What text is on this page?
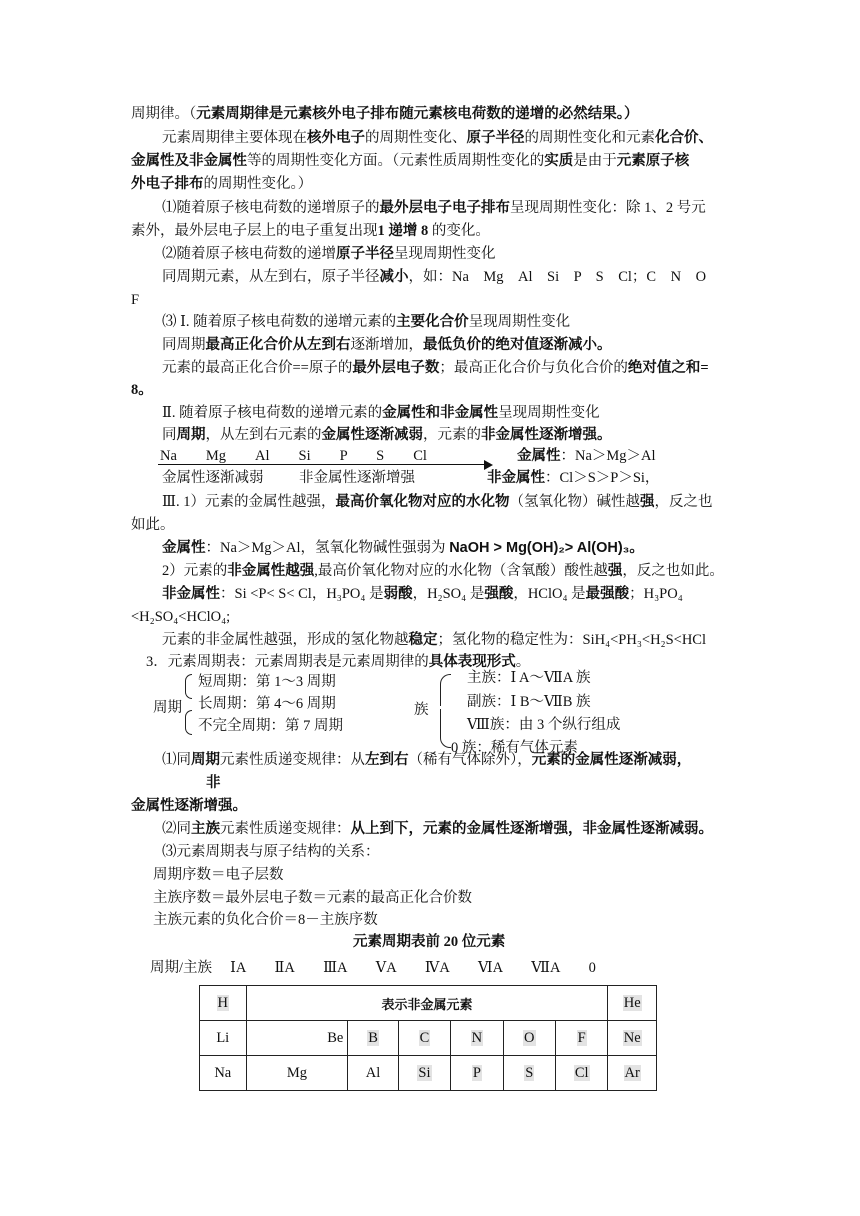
周期律。（元素周期律是元素核外电子排布随元素核电荷数的递增的必然结果。）
元素周期律主要体现在核外电子的周期性变化、原子半径的周期性变化和元素化合价、
金属性及非金属性等的周期性变化方面。（元素性质周期性变化的实质是由于元素原子核
外电子排布的周期性变化。）
⑴随着原子核电荷数的递增原子的最外层电子电子排布呈现周期性变化：除 1、2 号元
素外，最外层电子层上的电子重复出现1 递增 8 的变化。
⑵随着原子核电荷数的递增原子半径呈现周期性变化
同周期元素，从左到右，原子半径减小，如：Na　Mg　Al　Si　P　S　Cl；C　N　O
F
⑶ Ⅰ. 随着原子核电荷数的递增元素的主要化合价呈现周期性变化
同周期最高正化合价从左到右逐渐增加，最低负价的绝对值逐渐减小。
元素的最高正化合价==原子的最外层电子数；最高正化合价与负化合价的绝对值之和=
8。
Ⅱ. 随着原子核电荷数的递增元素的金属性和非金属性呈现周期性变化
同周期，从左到右元素的金属性逐渐减弱，元素的非金属性逐渐增强。
Na　　Mg　　Al　　Si　　P　　S　　Cl	金属性：Na＞Mg＞Al
金属性逐渐减弱 非金属性逐渐增强	非金属性：Cl＞S＞P＞Si，
Ⅲ. 1）元素的金属性越强，最高价氧化物对应的水化物（氢氧化物）碱性越强，反之也
如此。
金属性：Na＞Mg＞Al，氢氧化物碱性强弱为 NaOH > Mg(OH)₂> Al(OH)₃。
2）元素的非金属性越强,最高价氧化物对应的水化物（含氧酸）酸性越强，反之也如此。
非金属性：Si <P< S< Cl，H₃PO₄ 是弱酸，H₂SO₄ 是强酸，HClO₄ 是最强酸；H₃PO₄
<H₂SO₄<HClO₄;
元素的非金属性越强，形成的氢化物越稳定；氢化物的稳定性为：SiH₄<PH₃<H₂S<HCl
3．元素周期表：元素周期表是元素周期律的具体表现形式。
周期
短周期：第 1～3 周期
长周期：第 4～6 周期
不完全周期：第 7 周期
族
主族：Ⅰ A～ⅦA 族
副族：Ⅰ B～ⅦB 族
Ⅷ族：由 3 个纵行组成
0 族：稀有气体元素
⑴同周期元素性质递变规律：从左到右（稀有气体除外），元素的金属性逐渐减弱，
非
金属性逐渐增强。
⑵同主族元素性质递变规律：从上到下，元素的金属性逐渐增强，非金属性逐渐减弱。
⑶元素周期表与原子结构的关系：
周期序数＝电子层数
主族序数＝最外层电子数＝元素的最高正化合价数
主族元素的负化合价＝8－主族序数
元素周期表前 20 位元素
周期/主族　 ⅠA　　ⅡA　　ⅢA　　ⅤA　　ⅣA　　ⅥA　　ⅦA　　0
H	表示非金属元素						He
Li	Be	B	C	N	O	F	Ne
Na	Mg	Al	Si	P	S	Cl	Ar
